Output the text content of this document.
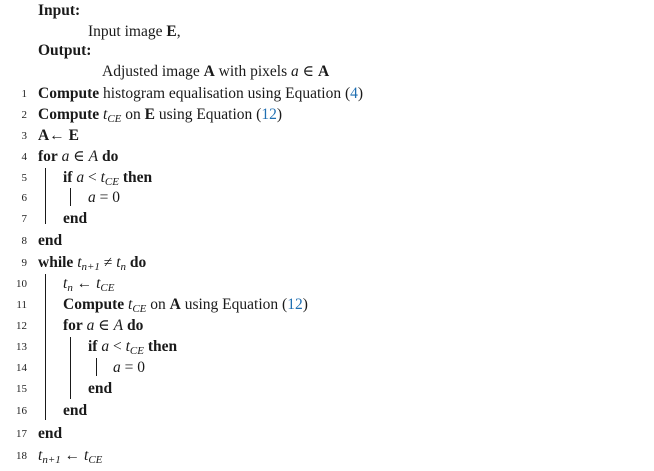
Input:
Input image E,
Output:
Adjusted image A with pixels a ∈ A
1 Compute histogram equalisation using Equation (4)
2 Compute $t_{CE}$ on E using Equation (12)
3 A← E
4 for a ∈ A do
5 if $a < t_{CE}$ then
6	a = 0
7 end
8 end
9 while $t_{n+1} \ne t_n$ do
10 $t_n$ ← $t_{CE}$
11 Compute $t_{CE}$ on A using Equation (12)
12 for a ∈ A do
13	if $a < t_{CE}$ then
14	a = 0
15	end
16 end
17 end
18 $t_{n+1}$ ← $t_{CE}$
